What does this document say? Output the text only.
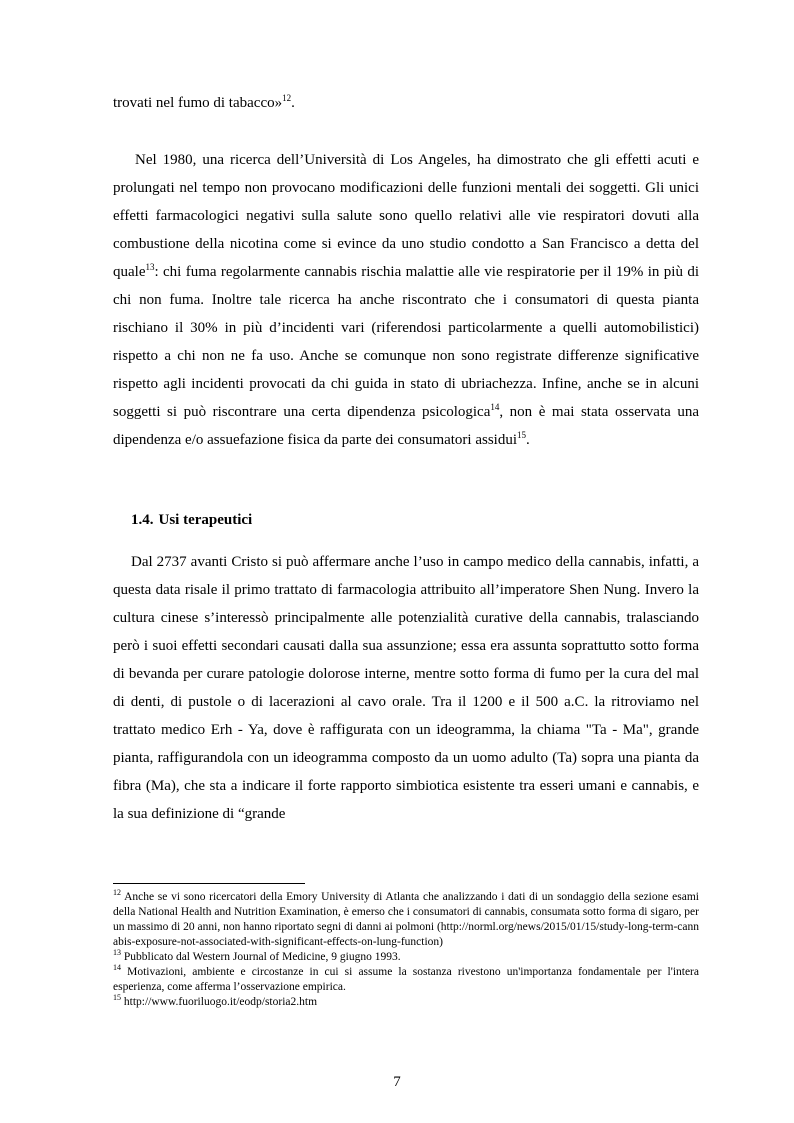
trovati nel fumo di tabacco»$^{12}$.

Nel 1980, una ricerca dell’Università di Los Angeles, ha dimostrato che gli effetti acuti e prolungati nel tempo non provocano modificazioni delle funzioni mentali dei soggetti. Gli unici effetti farmacologici negativi sulla salute sono quello relativi alle vie respiratori dovuti alla combustione della nicotina come si evince da uno studio condotto a San Francisco a detta del quale$^{13}$: chi fuma regolarmente cannabis rischia malattie alle vie respiratorie per il 19% in più di chi non fuma. Inoltre tale ricerca ha anche riscontrato che i consumatori di questa pianta rischiano il 30% in più d’incidenti vari (riferendosi particolarmente a quelli automobilistici) rispetto a chi non ne fa uso. Anche se comunque non sono registrate differenze significative rispetto agli incidenti provocati da chi guida in stato di ubriachezza. Infine, anche se in alcuni soggetti si può riscontrare una certa dipendenza psicologica$^{14}$, non è mai stata osservata una dipendenza e/o assuefazione fisica da parte dei consumatori assidui$^{15}$.

1.4. Usi terapeutici

Dal 2737 avanti Cristo si può affermare anche l’uso in campo medico della cannabis, infatti, a questa data risale il primo trattato di farmacologia attribuito all’imperatore Shen Nung. Invero la cultura cinese s’interessò principalmente alle potenzialità curative della cannabis, tralasciando però i suoi effetti secondari causati dalla sua assunzione; essa era assunta soprattutto sotto forma di bevanda per curare patologie dolorose interne, mentre sotto forma di fumo per la cura del mal di denti, di pustole o di lacerazioni al cavo orale. Tra il 1200 e il 500 a.C. la ritroviamo nel trattato medico Erh - Ya, dove è raffigurata con un ideogramma, la chiama "Ta - Ma", grande pianta, raffigurandola con un ideogramma composto da un uomo adulto (Ta) sopra una pianta da fibra (Ma), che sta a indicare il forte rapporto simbiotica esistente tra esseri umani e cannabis, e la sua definizione di “grande

$^{12}$ Anche se vi sono ricercatori della Emory University di Atlanta che analizzando i dati di un sondaggio della sezione esami della National Health and Nutrition Examination, è emerso che i consumatori di cannabis, consumata sotto forma di sigaro, per un massimo di 20 anni, non hanno riportato segni di danni ai polmoni (http://norml.org/news/2015/01/15/study-long-term-cannabis-exposure-not-associated-with-significant-effects-on-lung-function)

$^{13}$ Pubblicato dal Western Journal of Medicine, 9 giugno 1993.

$^{14}$ Motivazioni, ambiente e circostanze in cui si assume la sostanza rivestono un'importanza fondamentale per l'intera esperienza, come afferma l’osservazione empirica.

$^{15}$ http://www.fuoriluogo.it/eodp/storia2.htm

7
